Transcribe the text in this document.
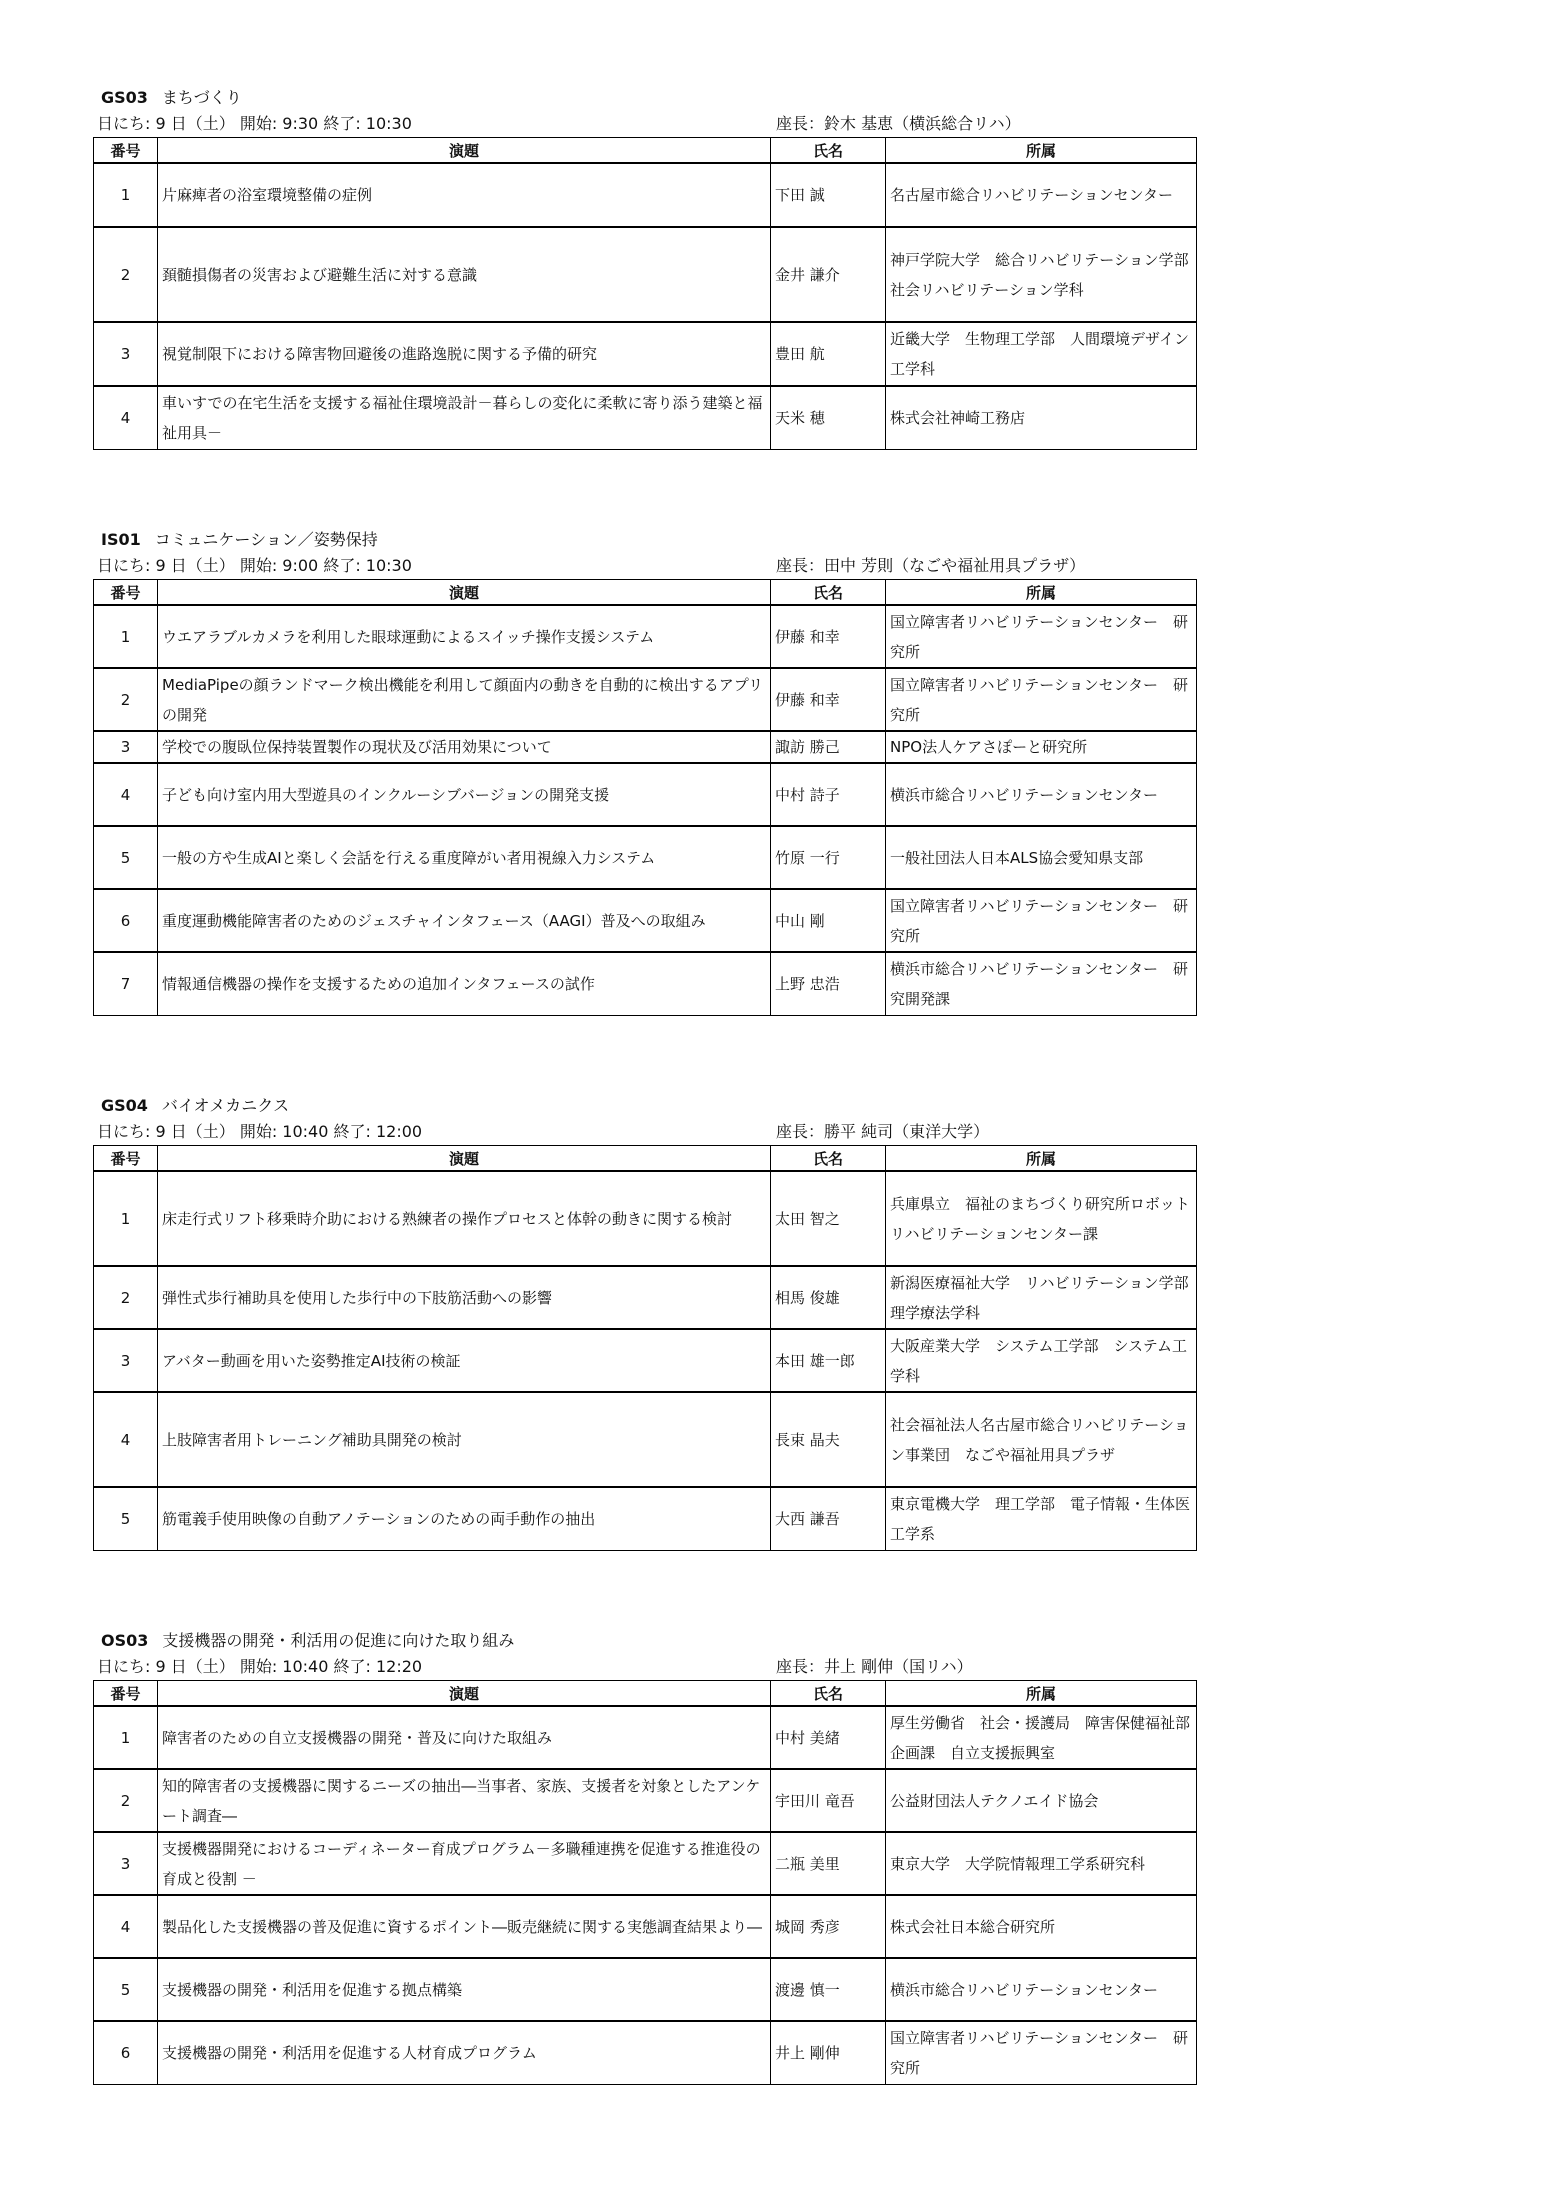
GS03 まちづくり
日にち: 9 日（土） 開始: 9:30 終了: 10:30	座長：鈴木 基恵（横浜総合リハ）
番号	演題	氏名	所属
1	片麻痺者の浴室環境整備の症例	下田 誠	名古屋市総合リハビリテーションセンター
2	頚髄損傷者の災害および避難生活に対する意識	金井 謙介	神戸学院大学　総合リハビリテーション学部　社会リハビリテーション学科
3	視覚制限下における障害物回避後の進路逸脱に関する予備的研究	豊田 航	近畿大学　生物理工学部　人間環境デザイン工学科
4	車いすでの在宅生活を支援する福祉住環境設計－暮らしの変化に柔軟に寄り添う建築と福祉用具－	天米 穂	株式会社神崎工務店
IS01 コミュニケーション／姿勢保持
日にち: 9 日（土） 開始: 9:00 終了: 10:30	座長：田中 芳則（なごや福祉用具プラザ）
番号	演題	氏名	所属
1	ウエアラブルカメラを利用した眼球運動によるスイッチ操作支援システム	伊藤 和幸	国立障害者リハビリテーションセンター　研究所
2	MediaPipeの顔ランドマーク検出機能を利用して顔面内の動きを自動的に検出するアプリの開発	伊藤 和幸	国立障害者リハビリテーションセンター　研究所
3	学校での腹臥位保持装置製作の現状及び活用効果について	諏訪 勝己	NPO法人ケアさぽーと研究所
4	子ども向け室内用大型遊具のインクルーシブバージョンの開発支援	中村 詩子	横浜市総合リハビリテーションセンター
5	一般の方や生成AIと楽しく会話を行える重度障がい者用視線入力システム	竹原 一行	一般社団法人日本ALS協会愛知県支部
6	重度運動機能障害者のためのジェスチャインタフェース（AAGI）普及への取組み	中山 剛	国立障害者リハビリテーションセンター　研究所
7	情報通信機器の操作を支援するための追加インタフェースの試作	上野 忠浩	横浜市総合リハビリテーションセンター　研究開発課
GS04 バイオメカニクス
日にち: 9 日（土） 開始: 10:40 終了: 12:00	座長：勝平 純司（東洋大学）
番号	演題	氏名	所属
1	床走行式リフト移乗時介助における熟練者の操作プロセスと体幹の動きに関する検討	太田 智之	兵庫県立　福祉のまちづくり研究所ロボットリハビリテーションセンター課
2	弾性式歩行補助具を使用した歩行中の下肢筋活動への影響	相馬 俊雄	新潟医療福祉大学　リハビリテーション学部　理学療法学科
3	アバター動画を用いた姿勢推定AI技術の検証	本田 雄一郎	大阪産業大学　システム工学部　システム工学科
4	上肢障害者用トレーニング補助具開発の検討	長束 晶夫	社会福祉法人名古屋市総合リハビリテーション事業団　なごや福祉用具プラザ
5	筋電義手使用映像の自動アノテーションのための両手動作の抽出	大西 謙吾	東京電機大学　理工学部　電子情報・生体医工学系
OS03 支援機器の開発・利活用の促進に向けた取り組み
日にち: 9 日（土） 開始: 10:40 終了: 12:20	座長：井上 剛伸（国リハ）
番号	演題	氏名	所属
1	障害者のための自立支援機器の開発・普及に向けた取組み	中村 美緒	厚生労働省　社会・援護局　障害保健福祉部　企画課　自立支援振興室
2	知的障害者の支援機器に関するニーズの抽出―当事者、家族、支援者を対象としたアンケート調査―	宇田川 竜吾	公益財団法人テクノエイド協会
3	支援機器開発におけるコーディネーター育成プログラム－多職種連携を促進する推進役の育成と役割 －	二瓶 美里	東京大学　大学院情報理工学系研究科
4	製品化した支援機器の普及促進に資するポイント―販売継続に関する実態調査結果より―	城岡 秀彦	株式会社日本総合研究所
5	支援機器の開発・利活用を促進する拠点構築	渡邊 慎一	横浜市総合リハビリテーションセンター
6	支援機器の開発・利活用を促進する人材育成プログラム	井上 剛伸	国立障害者リハビリテーションセンター　研究所
